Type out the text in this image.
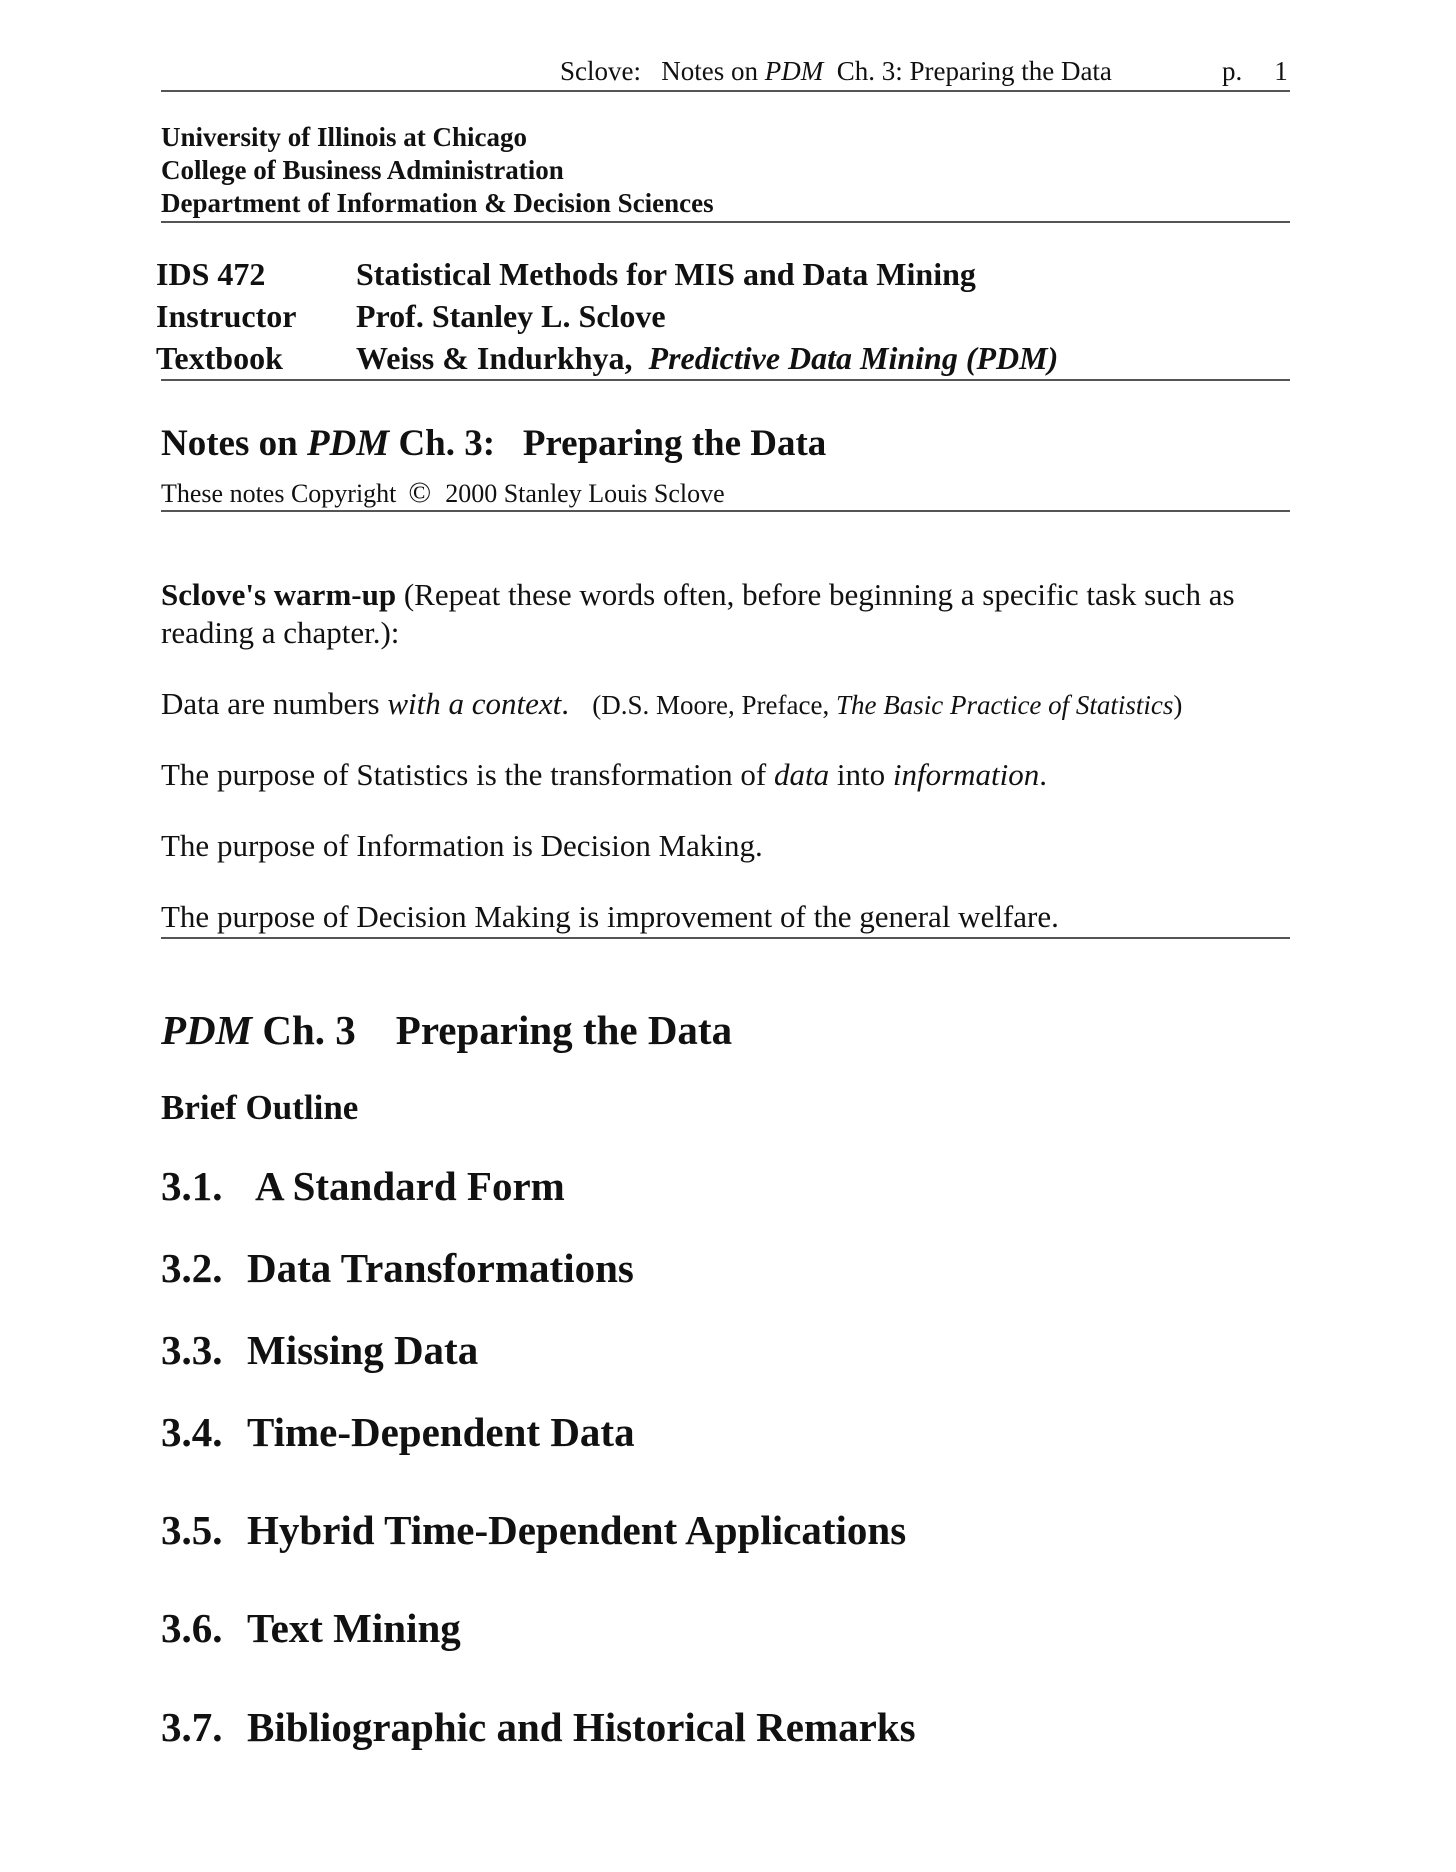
Sclove: Notes on PDM Ch. 3: Preparing the Data	p. 1
University of Illinois at Chicago
College of Business Administration
Department of Information & Decision Sciences
IDS 472	Statistical Methods for MIS and Data Mining
Instructor Prof. Stanley L. Sclove
Textbook Weiss & Indurkhya, Predictive Data Mining (PDM)
Notes on PDM Ch. 3: Preparing the Data
These notes Copyright © 2000 Stanley Louis Sclove
Sclove's warm-up (Repeat these words often, before beginning a specific task such as reading a chapter.):
Data are numbers with a context. (D.S. Moore, Preface, The Basic Practice of Statistics)
The purpose of Statistics is the transformation of data into information.
The purpose of Information is Decision Making.
The purpose of Decision Making is improvement of the general welfare.
PDM Ch. 3 Preparing the Data
Brief Outline
3.1. A Standard Form
3.2. Data Transformations
3.3. Missing Data
3.4. Time-Dependent Data
3.5. Hybrid Time-Dependent Applications
3.6. Text Mining
3.7. Bibliographic and Historical Remarks
